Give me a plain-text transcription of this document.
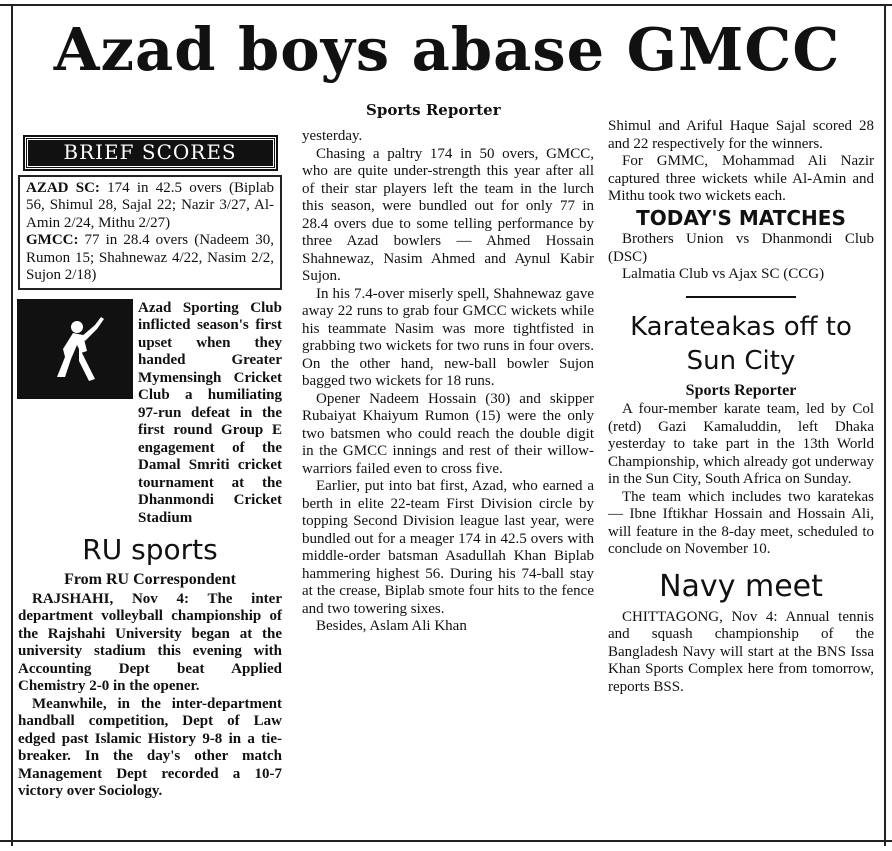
Azad boys abase GMCC
Sports Reporter
BRIEF SCORES

AZAD SC: 174 in 42.5 overs (Biplab 56, Shimul 28, Sajal 22; Nazir 3/27, Al-Amin 2/24, Mithu 2/27)

GMCC: 77 in 28.4 overs (Nadeem 30, Rumon 15; Shahnewaz 4/22, Nasim 2/2, Sujon 2/18)

Azad Sporting Club inflicted season's first upset when they handed Greater Mymensingh Cricket Club a humiliating 97-run defeat in the first round Group E engagement of the Damal Smriti cricket tournament at the Dhanmondi Cricket Stadium

RU sports
From RU Correspondent

RAJSHAHI, Nov 4: The inter department volleyball championship of the Rajshahi University began at the university stadium this evening with Accounting Dept beat Applied Chemistry 2-0 in the opener.

Meanwhile, in the inter-department handball competition, Dept of Law edged past Islamic History 9-8 in a tie-breaker. In the day's other match Management Dept recorded a 10-7 victory over Sociology.

yesterday.

Chasing a paltry 174 in 50 overs, GMCC, who are quite under-strength this year after all of their star players left the team in the lurch this season, were bundled out for only 77 in 28.4 overs due to some telling performance by three Azad bowlers — Ahmed Hossain Shahnewaz, Nasim Ahmed and Aynul Kabir Sujon.

In his 7.4-over miserly spell, Shahnewaz gave away 22 runs to grab four GMCC wickets while his teammate Nasim was more tightfisted in grabbing two wickets for two runs in four overs. On the other hand, new-ball bowler Sujon bagged two wickets for 18 runs.

Opener Nadeem Hossain (30) and skipper Rubaiyat Khaiyum Rumon (15) were the only two batsmen who could reach the double digit in the GMCC innings and rest of their willow-warriors failed even to cross five.

Earlier, put into bat first, Azad, who earned a berth in elite 22-team First Division circle by topping Second Division league last year, were bundled out for a meager 174 in 42.5 overs with middle-order batsman Asadullah Khan Biplab hammering highest 56. During his 74-ball stay at the crease, Biplab smote four hits to the fence and two towering sixes.

Besides, Aslam Ali Khan

Shimul and Ariful Haque Sajal scored 28 and 22 respectively for the winners.

For GMMC, Mohammad Ali Nazir captured three wickets while Al-Amin and Mithu took two wickets each.

TODAY'S MATCHES

Brothers Union vs Dhanmondi Club (DSC)

Lalmatia Club vs Ajax SC (CCG)

Karateakas off to Sun City
Sports Reporter

A four-member karate team, led by Col (retd) Gazi Kamaluddin, left Dhaka yesterday to take part in the 13th World Championship, which already got underway in the Sun City, South Africa on Sunday.

The team which includes two karatekas — Ibne Iftikhar Hossain and Hossain Ali, will feature in the 8-day meet, scheduled to conclude on November 10.

Navy meet

CHITTAGONG, Nov 4: Annual tennis and squash championship of the Bangladesh Navy will start at the BNS Issa Khan Sports Complex here from tomorrow, reports BSS.
